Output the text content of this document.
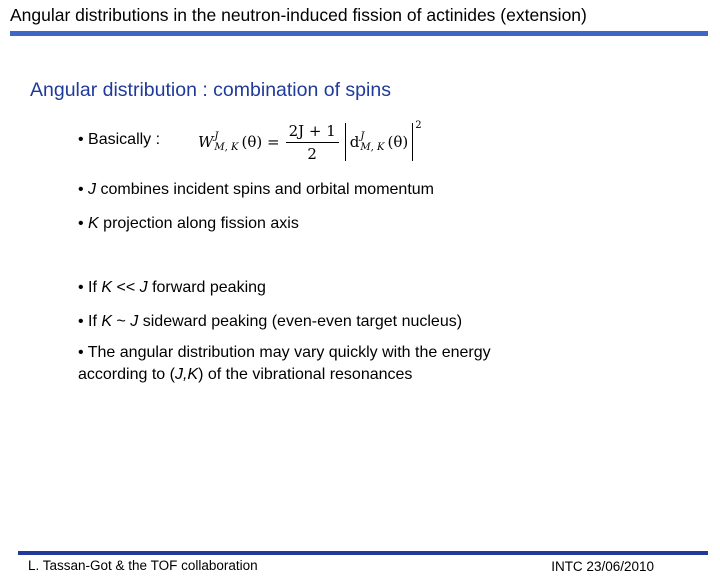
Angular distributions in the neutron-induced fission of actinides (extension)
Angular distribution : combination of spins
• Basically :	W J
M, K $(\theta) = \frac{2J + 1}{2}$ d J
M, K (θ)
2
• J combines incident spins and orbital momentum
• K projection along fission axis
• If K << J forward peaking
• If K ~ J sideward peaking (even-even target nucleus)
• The angular distribution may vary quickly with the energy
according to (J,K) of the vibrational resonances
L. Tassan-Got & the TOF collaboration	INTC 23/06/2010
